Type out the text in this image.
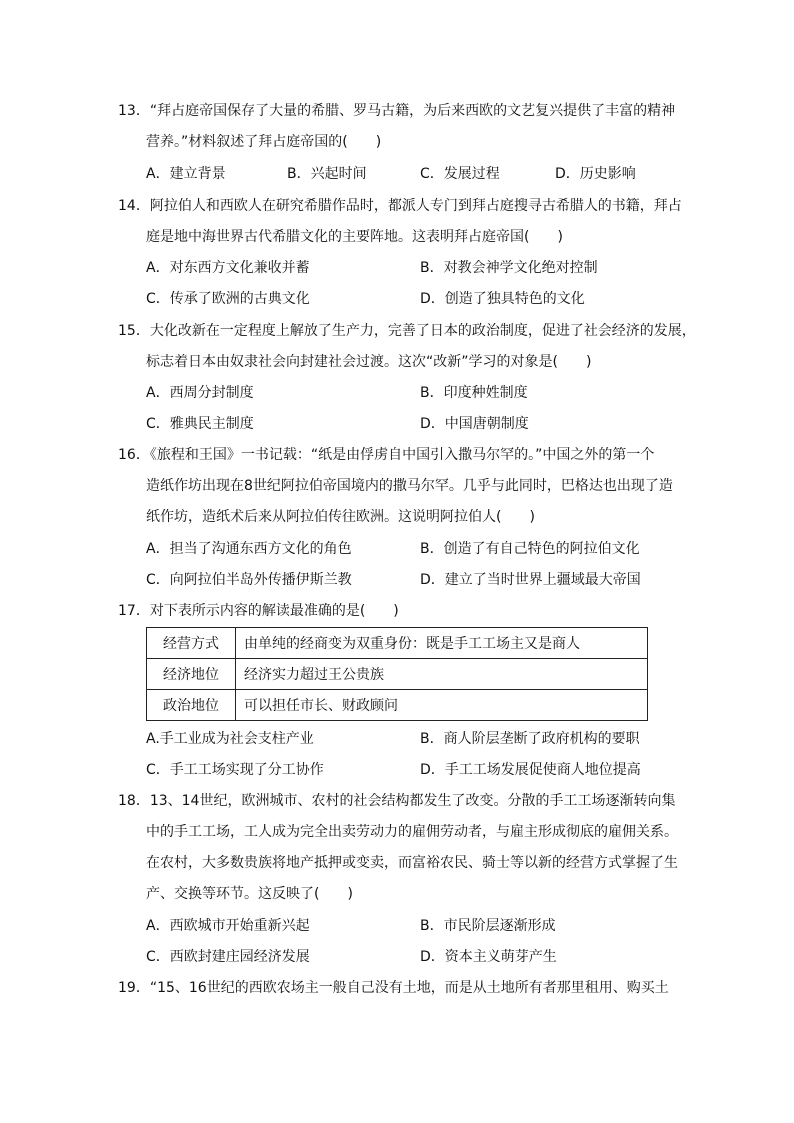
13．“拜占庭帝国保存了大量的希腊、罗马古籍，为后来西欧的文艺复兴提供了丰富的精神
营养。”材料叙述了拜占庭帝国的(　　)
A．建立背景	B．兴起时间	C．发展过程	D．历史影响
14．阿拉伯人和西欧人在研究希腊作品时，都派人专门到拜占庭搜寻古希腊人的书籍，拜占
庭是地中海世界古代希腊文化的主要阵地。这表明拜占庭帝国(　　)
A．对东西方文化兼收并蓄	B．对教会神学文化绝对控制
C．传承了欧洲的古典文化	D．创造了独具特色的文化
15．大化改新在一定程度上解放了生产力，完善了日本的政治制度，促进了社会经济的发展，
标志着日本由奴隶社会向封建社会过渡。这次“改新”学习的对象是(　　)
A．西周分封制度	B．印度种姓制度
C．雅典民主制度	D．中国唐朝制度
16．《旅程和王国》一书记载：“纸是由俘虏自中国引入撒马尔罕的。”中国之外的第一个
造纸作坊出现在8世纪阿拉伯帝国境内的撒马尔罕。几乎与此同时，巴格达也出现了造
纸作坊，造纸术后来从阿拉伯传往欧洲。这说明阿拉伯人(　　)
A．担当了沟通东西方文化的角色	B．创造了有自己特色的阿拉伯文化
C．向阿拉伯半岛外传播伊斯兰教	D．建立了当时世界上疆域最大帝国
17．对下表所示内容的解读最准确的是(　　)
经营方式	由单纯的经商变为双重身份：既是手工工场主又是商人
经济地位	经济实力超过王公贵族
政治地位	可以担任市长、财政顾问
A.手工业成为社会支柱产业	B．商人阶层垄断了政府机构的要职
C．手工工场实现了分工协作	D．手工工场发展促使商人地位提高
18．13、14世纪，欧洲城市、农村的社会结构都发生了改变。分散的手工工场逐渐转向集
中的手工工场，工人成为完全出卖劳动力的雇佣劳动者，与雇主形成彻底的雇佣关系。
在农村，大多数贵族将地产抵押或变卖，而富裕农民、骑士等以新的经营方式掌握了生
产、交换等环节。这反映了(　　)
A．西欧城市开始重新兴起	B．市民阶层逐渐形成
C．西欧封建庄园经济发展	D．资本主义萌芽产生
19．“15、16世纪的西欧农场主一般自己没有土地，而是从土地所有者那里租用、购买土
